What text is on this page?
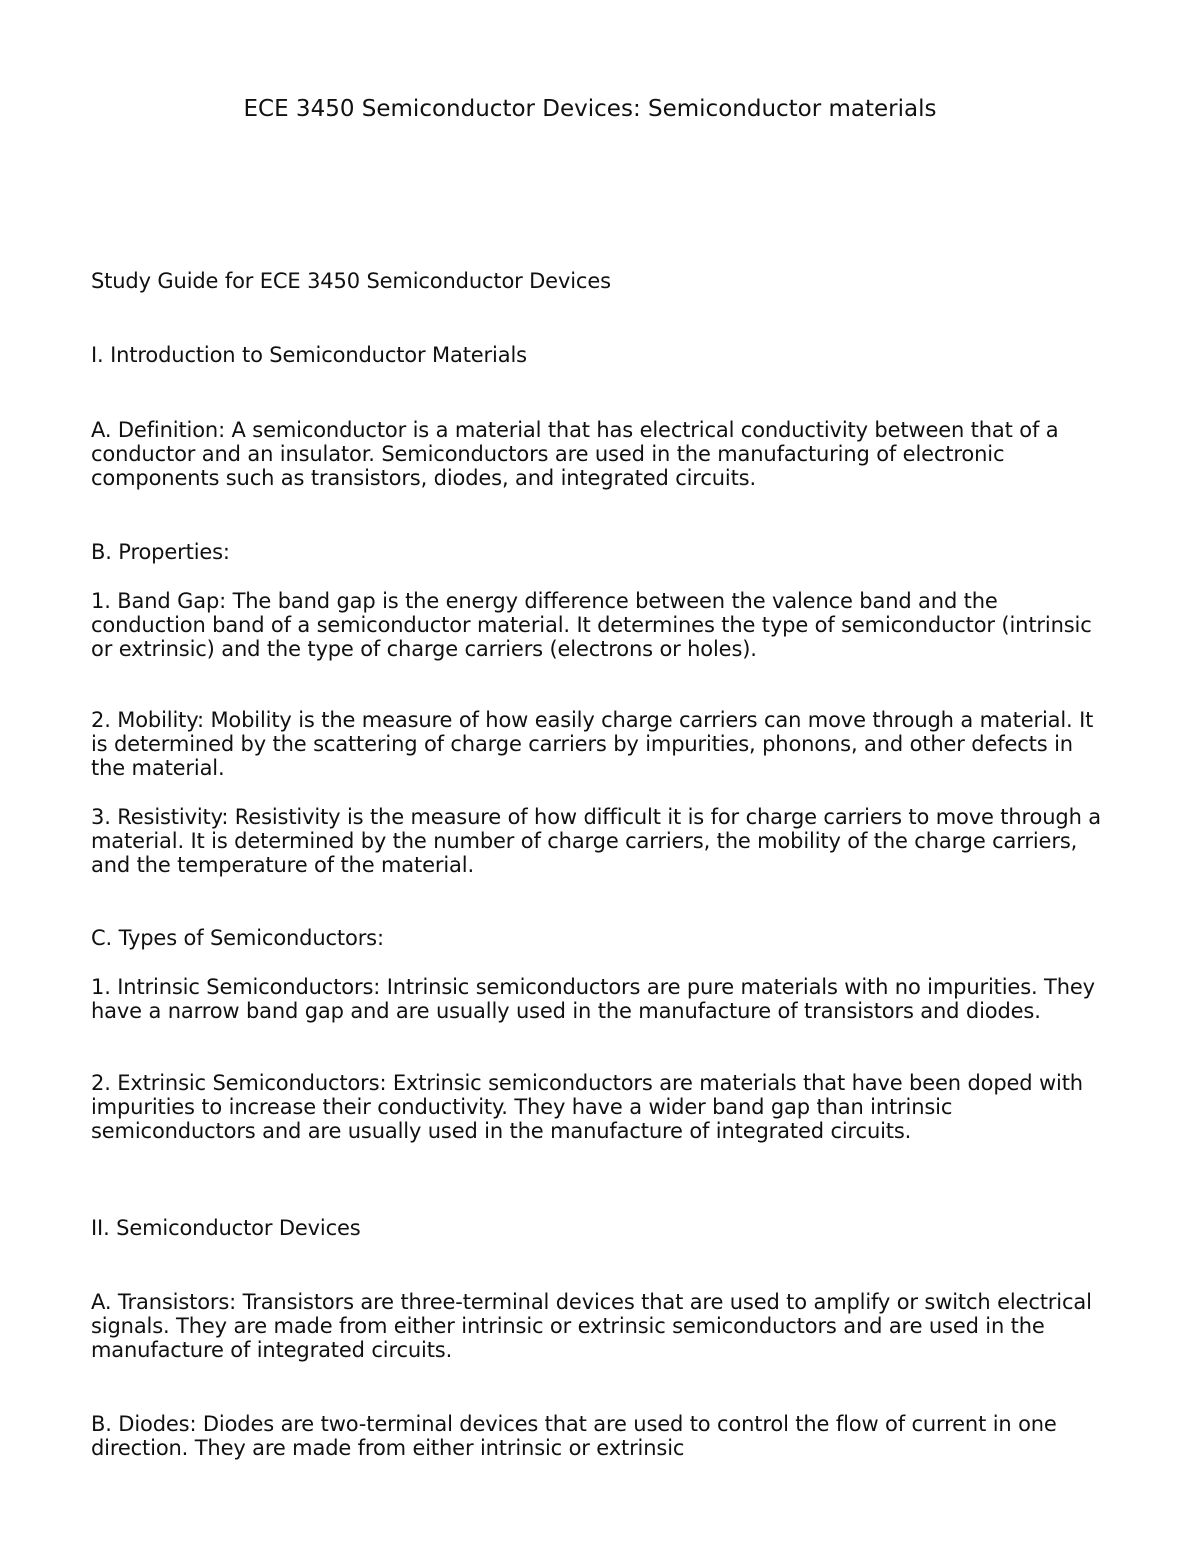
ECE 3450 Semiconductor Devices: Semiconductor materials
Study Guide for ECE 3450 Semiconductor Devices
I. Introduction to Semiconductor Materials

A. Definition: A semiconductor is a material that has electrical conductivity between that of a conductor and an insulator. Semiconductors are used in the manufacturing of electronic components such as transistors, diodes, and integrated circuits.

B. Properties:

1. Band Gap: The band gap is the energy difference between the valence band and the conduction band of a semiconductor material. It determines the type of semiconductor (intrinsic or extrinsic) and the type of charge carriers (electrons or holes).

2. Mobility: Mobility is the measure of how easily charge carriers can move through a material. It is determined by the scattering of charge carriers by impurities, phonons, and other defects in the material.

3. Resistivity: Resistivity is the measure of how difficult it is for charge carriers to move through a material. It is determined by the number of charge carriers, the mobility of the charge carriers, and the temperature of the material.

C. Types of Semiconductors:

1. Intrinsic Semiconductors: Intrinsic semiconductors are pure materials with no impurities. They have a narrow band gap and are usually used in the manufacture of transistors and diodes.

2. Extrinsic Semiconductors: Extrinsic semiconductors are materials that have been doped with impurities to increase their conductivity. They have a wider band gap than intrinsic semiconductors and are usually used in the manufacture of integrated circuits.

II. Semiconductor Devices

A. Transistors: Transistors are three-terminal devices that are used to amplify or switch electrical signals. They are made from either intrinsic or extrinsic semiconductors and are used in the manufacture of integrated circuits.

B. Diodes: Diodes are two-terminal devices that are used to control the flow of current in one direction. They are made from either intrinsic or extrinsic
